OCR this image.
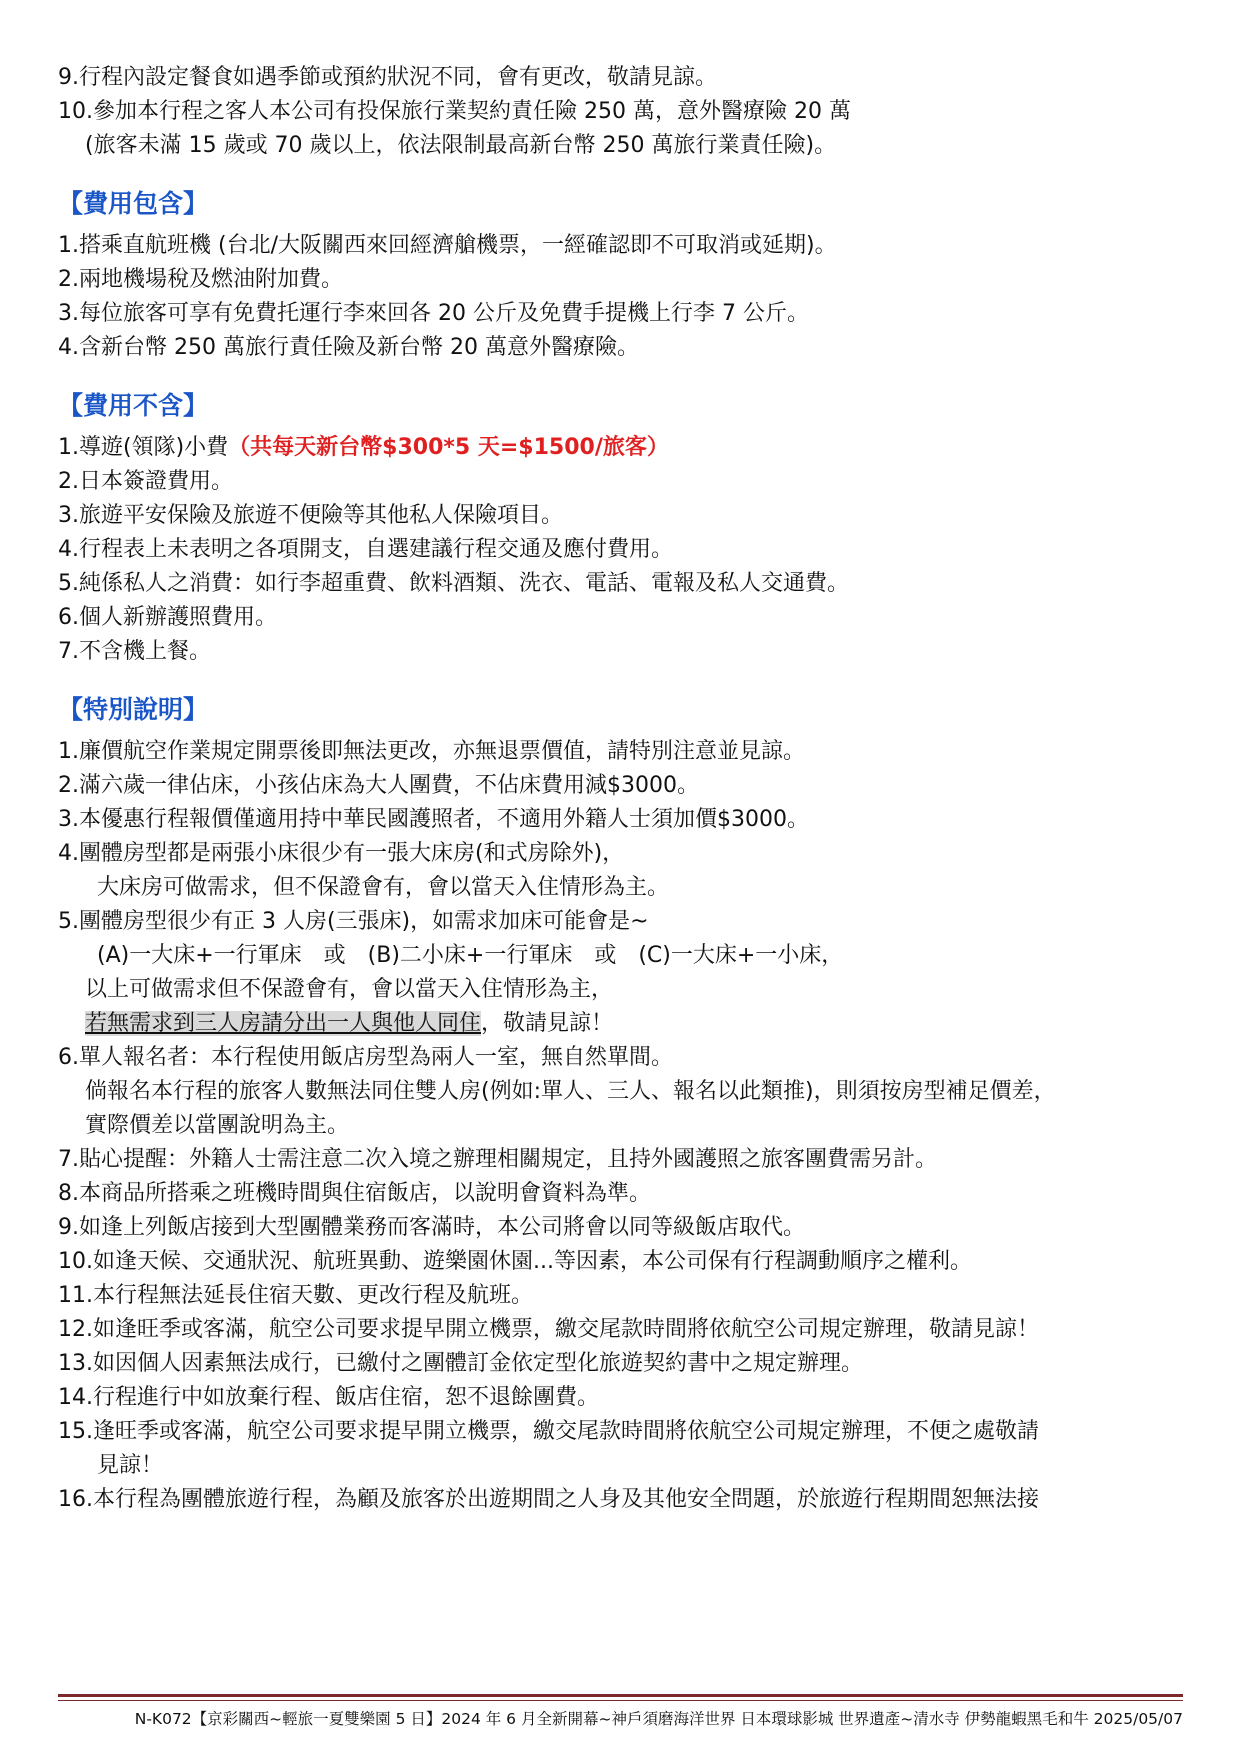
9.行程內設定餐食如遇季節或預約狀況不同，會有更改，敬請見諒。
10.參加本行程之客人本公司有投保旅行業契約責任險 250 萬，意外醫療險 20 萬
(旅客未滿 15 歲或 70 歲以上，依法限制最高新台幣 250 萬旅行業責任險)。
【費用包含】
1.搭乘直航班機 (台北/大阪關西來回經濟艙機票，一經確認即不可取消或延期)。
2.兩地機場稅及燃油附加費。
3.每位旅客可享有免費托運行李來回各 20 公斤及免費手提機上行李 7 公斤。
4.含新台幣 250 萬旅行責任險及新台幣 20 萬意外醫療險。
【費用不含】
1.導遊(領隊)小費（共每天新台幣$300*5 天=$1500/旅客）
2.日本簽證費用。
3.旅遊平安保險及旅遊不便險等其他私人保險項目。
4.行程表上未表明之各項開支，自選建議行程交通及應付費用。
5.純係私人之消費：如行李超重費、飲料酒類、洗衣、電話、電報及私人交通費。
6.個人新辦護照費用。
7.不含機上餐。
【特別說明】
1.廉價航空作業規定開票後即無法更改，亦無退票價值，請特別注意並見諒。
2.滿六歲一律佔床，小孩佔床為大人團費，不佔床費用減$3000。
3.本優惠行程報價僅適用持中華民國護照者，不適用外籍人士須加價$3000。
4.團體房型都是兩張小床很少有一張大床房(和式房除外)，
大床房可做需求，但不保證會有，會以當天入住情形為主。
5.團體房型很少有正 3 人房(三張床)，如需求加床可能會是~
(A)一大床+一行軍床　或　(B)二小床+一行軍床　或　(C)一大床+一小床，
以上可做需求但不保證會有，會以當天入住情形為主，
若無需求到三人房請分出一人與他人同住，敬請見諒！
6.單人報名者：本行程使用飯店房型為兩人一室，無自然單間。
倘報名本行程的旅客人數無法同住雙人房(例如:單人、三人、報名以此類推)，則須按房型補足價差，
實際價差以當團說明為主。
7.貼心提醒：外籍人士需注意二次入境之辦理相關規定，且持外國護照之旅客團費需另計。
8.本商品所搭乘之班機時間與住宿飯店，以說明會資料為準。
9.如逢上列飯店接到大型團體業務而客滿時，本公司將會以同等級飯店取代。
10.如逢天候、交通狀況、航班異動、遊樂園休園...等因素，本公司保有行程調動順序之權利。
11.本行程無法延長住宿天數、更改行程及航班。
12.如逢旺季或客滿，航空公司要求提早開立機票，繳交尾款時間將依航空公司規定辦理，敬請見諒！
13.如因個人因素無法成行，已繳付之團體訂金依定型化旅遊契約書中之規定辦理。
14.行程進行中如放棄行程、飯店住宿，恕不退餘團費。
15.逢旺季或客滿，航空公司要求提早開立機票，繳交尾款時間將依航空公司規定辦理，不便之處敬請
見諒！
16.本行程為團體旅遊行程，為顧及旅客於出遊期間之人身及其他安全問題，於旅遊行程期間恕無法接
N-K072【京彩關西~輕旅一夏雙樂園 5 日】2024 年 6 月全新開幕~神戶須磨海洋世界 日本環球影城 世界遺產~清水寺 伊勢龍蝦黑毛和牛 2025/05/07
